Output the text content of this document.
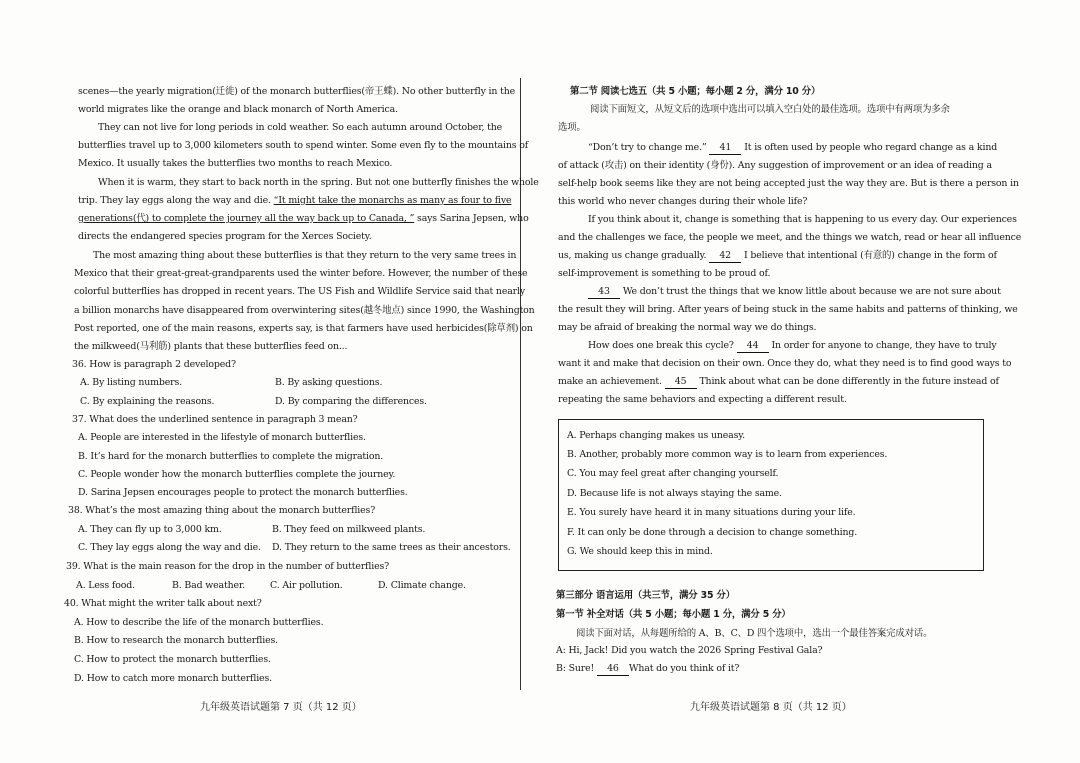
scenes—the yearly migration(迁徙) of the monarch butterflies(帝王蝶). No other butterfly in the
world migrates like the orange and black monarch of North America.
They can not live for long periods in cold weather. So each autumn around October, the
butterflies travel up to 3,000 kilometers south to spend winter. Some even fly to the mountains of
Mexico. It usually takes the butterflies two months to reach Mexico.
When it is warm, they start to back north in the spring. But not one butterfly finishes the whole
trip. They lay eggs along the way and die. “It might take the monarchs as many as four to five
generations(代) to complete the journey all the way back up to Canada, ” says Sarina Jepsen, who
directs the endangered species program for the Xerces Society.
The most amazing thing about these butterflies is that they return to the very same trees in
Mexico that their great-great-grandparents used the winter before. However, the number of these
colorful butterflies has dropped in recent years. The US Fish and Wildlife Service said that nearly
a billion monarchs have disappeared from overwintering sites(越冬地点) since 1990, the Washington
Post reported, one of the main reasons, experts say, is that farmers have used herbicides(除草剂) on
the milkweed(马利筋) plants that these butterflies feed on...
36. How is paragraph 2 developed?
A. By listing numbers.	B. By asking questions.
C. By explaining the reasons.	D. By comparing the differences.
37. What does the underlined sentence in paragraph 3 mean?
A. People are interested in the lifestyle of monarch butterflies.
B. It’s hard for the monarch butterflies to complete the migration.
C. People wonder how the monarch butterflies complete the journey.
D. Sarina Jepsen encourages people to protect the monarch butterflies.
38. What’s the most amazing thing about the monarch butterflies?
A. They can fly up to 3,000 km.	B. They feed on milkweed plants.
C. They lay eggs along the way and die. D. They return to the same trees as their ancestors.
39. What is the main reason for the drop in the number of butterflies?
A. Less food.	B. Bad weather.	C. Air pollution.	D. Climate change.
40. What might the writer talk about next?
A. How to describe the life of the monarch butterflies.
B. How to research the monarch butterflies.
C. How to protect the monarch butterflies.
D. How to catch more monarch butterflies.
九年级英语试题第 7 页（共 12 页）
第二节 阅读七选五（共 5 小题；每小题 2 分，满分 10 分）
阅读下面短文，从短文后的选项中选出可以填入空白处的最佳选项。选项中有两项为多余
选项。
“Don’t try to change me.” 41 It is often used by people who regard change as a kind
of attack (攻击) on their identity (身份). Any suggestion of improvement or an idea of reading a
self-help book seems like they are not being accepted just the way they are. But is there a person in
this world who never changes during their whole life?
If you think about it, change is something that is happening to us every day. Our experiences
and the challenges we face, the people we meet, and the things we watch, read or hear all influence
us, making us change gradually. 42 I believe that intentional (有意的) change in the form of
self-improvement is something to be proud of.
43 We don’t trust the things that we know little about because we are not sure about
the result they will bring. After years of being stuck in the same habits and patterns of thinking, we
may be afraid of breaking the normal way we do things.
How does one break this cycle? 44 In order for anyone to change, they have to truly
want it and make that decision on their own. Once they do, what they need is to find good ways to
make an achievement. 45 Think about what can be done differently in the future instead of
repeating the same behaviors and expecting a different result.
A. Perhaps changing makes us uneasy.
B. Another, probably more common way is to learn from experiences.
C. You may feel great after changing yourself.
D. Because life is not always staying the same.
E. You surely have heard it in many situations during your life.
F. It can only be done through a decision to change something.
G. We should keep this in mind.
第三部分 语言运用（共三节，满分 35 分）
第一节 补全对话（共 5 小题；每小题 1 分，满分 5 分）
阅读下面对话，从每题所给的 A、B、C、D 四个选项中，选出一个最佳答案完成对话。
A: Hi, Jack! Did you watch the 2026 Spring Festival Gala?
B: Sure! 46 What do you think of it?
九年级英语试题第 8 页（共 12 页）
